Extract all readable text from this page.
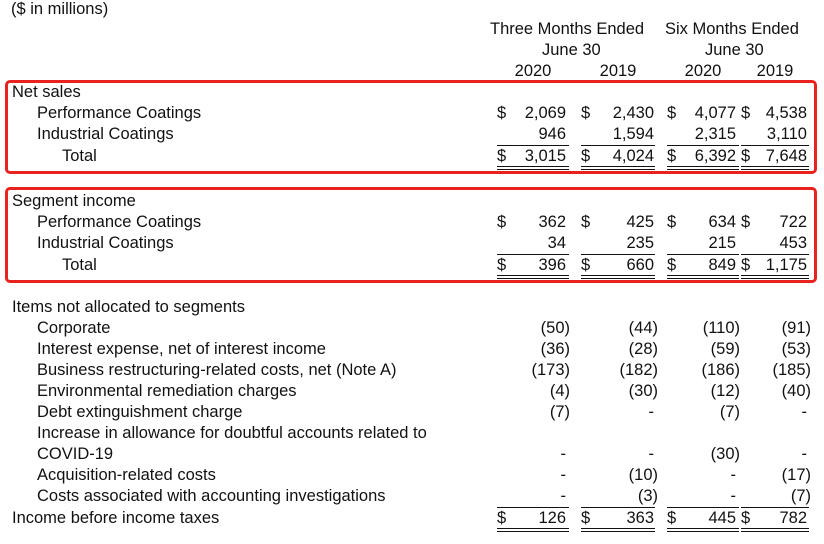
($ in millions)
Three Months Ended Six Months Ended
June 30	June 30
2020	2019	2020	2019
Net sales
Performance Coatings	$	2,069 $	2,430 $	4,077 $ 4,538
Industrial Coatings	946	1,594	2,315	3,110
Total	$	3,015 $	4,024 $	6,392 $ 7,648
Segment income
Performance Coatings	$	362 $	425 $	634 $	722
Industrial Coatings	34	235	215	453
Total	$	396 $	660 $	849 $ 1,175
Items not allocated to segments
Corporate	(50)	(44)	(110)	(91)
Interest expense, net of interest income	(36)	(28)	(59)	(53)
Business restructuring-related costs, net (Note A)	(173)	(182)	(186)	(185)
Environmental remediation charges	(4)	(30)	(12)	(40)
Debt extinguishment charge	(7)	-	(7)	-
Increase in allowance for doubtful accounts related to
COVID-19	-	-	(30)	-
Acquisition-related costs	-	(10)	-	(17)
Costs associated with accounting investigations	-	(3)	-	(7)
Income before income taxes	$	126 $	363 $	445 $	782
